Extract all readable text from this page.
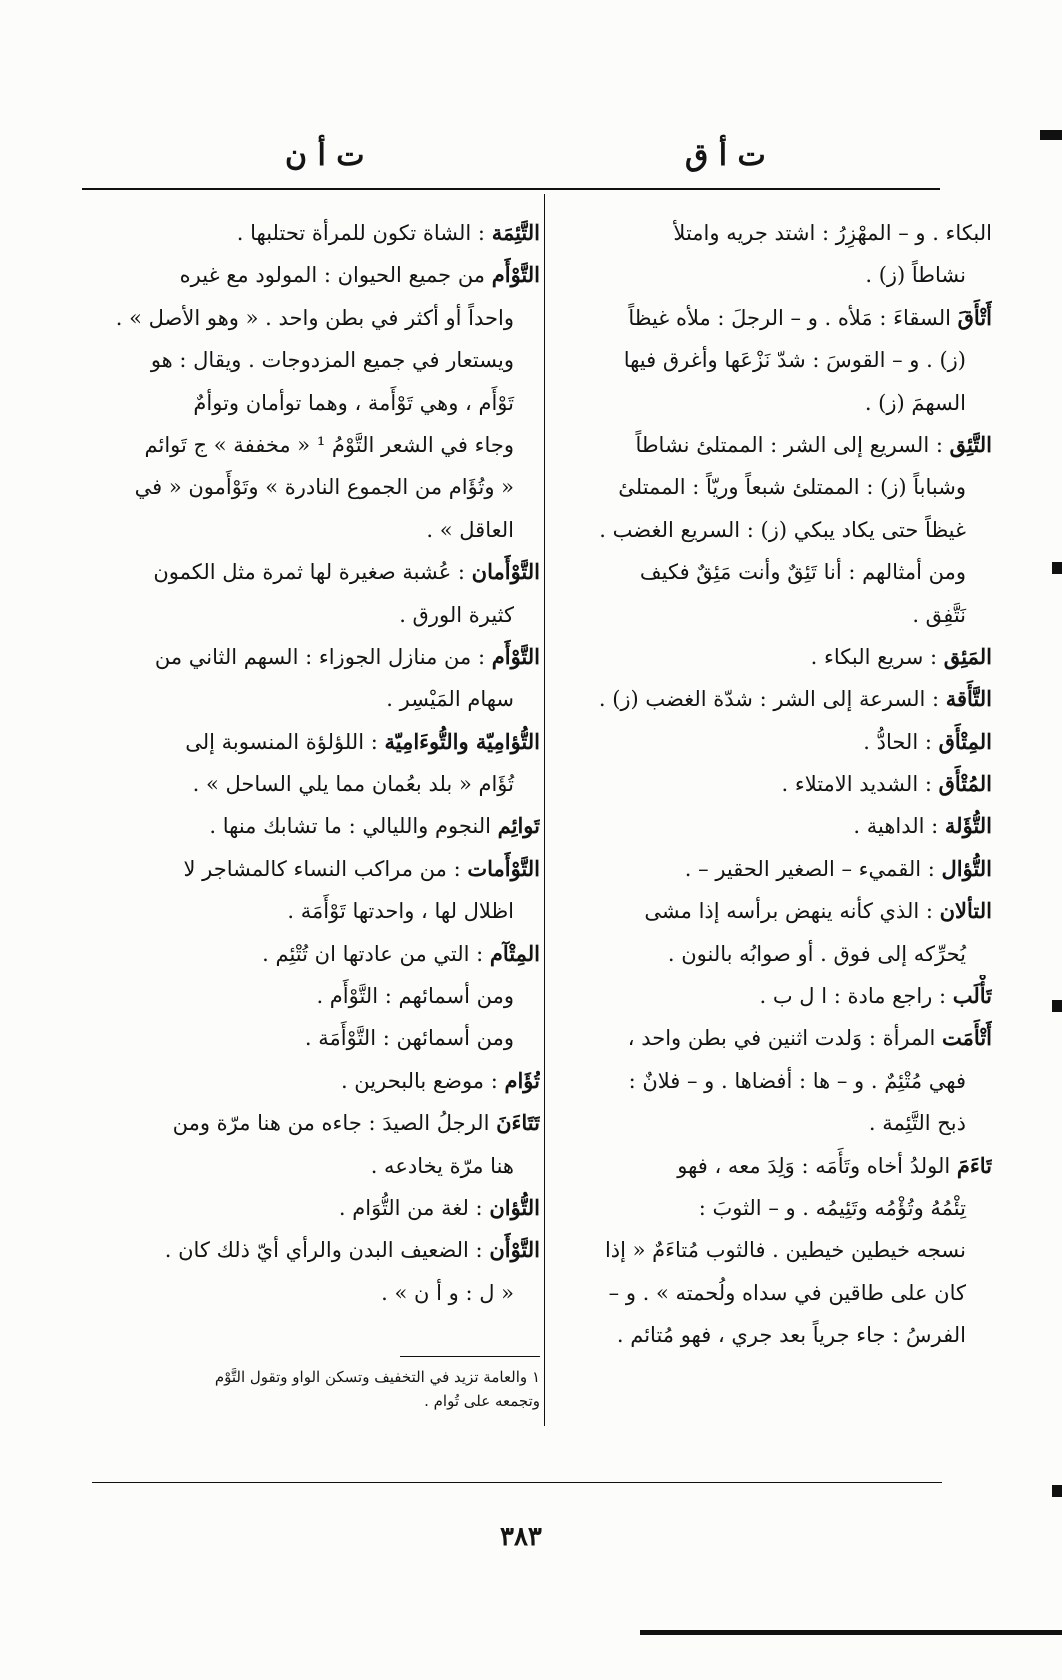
ت أ ق
ت أ ن
البكاء . و – المهْزِرُ : اشتد جريه وامتلأ
نشاطاً (ز) .
أَتْأَقَ السقاءَ : مَلأه . و – الرجلَ : ملأه غيظاً
(ز) . و – القوسَ : شدّ نَزْعَها وأغرق فيها
السهمَ (ز) .
التَّئِق : السريع إلى الشر : الممتلئ نشاطاً
وشباباً (ز) : الممتلئ شبعاً وريّاً : الممتلئ
غيظاً حتى يكاد يبكي (ز) : السريع الغضب .
ومن أمثالهم : أنا تَئِقٌ وأنت مَئِقٌ فكيف
نَتَّفِق .
المَئِق : سريع البكاء .
التَّأَقة : السرعة إلى الشر : شدّة الغضب (ز) .
المِتْأَق : الحادُّ .
المُتْأَق : الشديد الامتلاء .
التُّؤَلة : الداهية .
التُّؤال : القميء – الصغير الحقير – .
التألان : الذي كأنه ينهض برأسه إذا مشى
يُحرِّكه إلى فوق . أو صوابُه بالنون .
تَأْلَب : راجع مادة : ا ل ب .
أَتْأَمَت المرأة : وَلدت اثنين في بطن واحد ،
فهي مُتْئِمٌ . و – ها : أفضاها . و – فلانٌ :
ذبح التَّئِمة .
تَاءَمَ الولدُ أخاه وتَأَمَه : وَلِدَ معه ، فهو
تِئْمُهُ وتُؤْمُه وتَئِيمُه . و – الثوبَ :
نسجه خيطين خيطين . فالثوب مُتاءَمٌ « إذا
كان على طاقين في سداه ولُحمته » . و –
الفرسُ : جاء جرياً بعد جري ، فهو مُتائم .
التَّئِمَة : الشاة تكون للمرأة تحتلبها .
التَّوْأَم من جميع الحيوان : المولود مع غيره
واحداً أو أكثر في بطن واحد . « وهو الأصل » .
ويستعار في جميع المزدوجات . ويقال : هو
تَوْأَم ، وهي تَوْأَمة ، وهما توأمان وتوأمٌ
وجاء في الشعر التَّوْمُ ¹ « مخففة » ج تَوائم
« وتُؤَام من الجموع النادرة » وتَوْأَمون « في
العاقل » .
التَّوْأَمان : عُشبة صغيرة لها ثمرة مثل الكمون
كثيرة الورق .
التَّوْأَم : من منازل الجوزاء : السهم الثاني من
سهام المَيْسِر .
التُّؤامِيّة والتُّوءَامِيّة : اللؤلؤة المنسوبة إلى
تُؤَام « بلد بعُمان مما يلي الساحل » .
تَوائِم النجوم والليالي : ما تشابك منها .
التَّوْأَمات : من مراكب النساء كالمشاجر لا
اظلال لها ، واحدتها تَوْأَمَة .
المِتْآم : التي من عادتها ان تُتْئِم .
ومن أسمائهم : التَّوْأَم .
ومن أسمائهن : التَّوْأَمَة .
تُؤَام : موضع بالبحرين .
تَتَاءَنَ الرجلُ الصيدَ : جاءه من هنا مرّة ومن
هنا مرّة يخادعه .
التُّؤان : لغة من التُّوَام .
التَّوْأَن : الضعيف البدن والرأي أيّ ذلك كان .
« ل : و أ ن » .
١ والعامة تزيد في التخفيف وتسكن الواو وتقول التَّوْم
وتجمعه على تُوام .
٣٨٣
